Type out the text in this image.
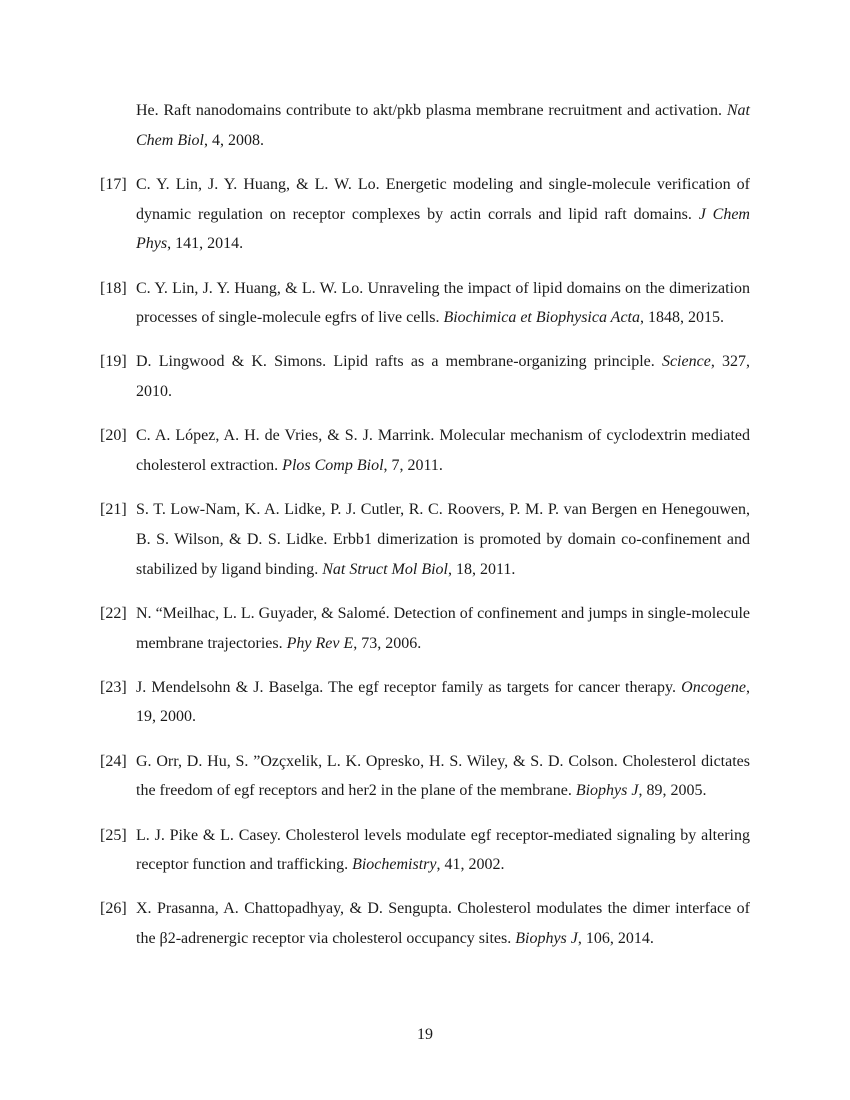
He. Raft nanodomains contribute to akt/pkb plasma membrane recruitment and activation. Nat Chem Biol, 4, 2008.
[17] C. Y. Lin, J. Y. Huang, & L. W. Lo. Energetic modeling and single-molecule verification of dynamic regulation on receptor complexes by actin corrals and lipid raft domains. J Chem Phys, 141, 2014.
[18] C. Y. Lin, J. Y. Huang, & L. W. Lo. Unraveling the impact of lipid domains on the dimerization processes of single-molecule egfrs of live cells. Biochimica et Biophysica Acta, 1848, 2015.
[19] D. Lingwood & K. Simons. Lipid rafts as a membrane-organizing principle. Science, 327, 2010.
[20] C. A. López, A. H. de Vries, & S. J. Marrink. Molecular mechanism of cyclodextrin mediated cholesterol extraction. Plos Comp Biol, 7, 2011.
[21] S. T. Low-Nam, K. A. Lidke, P. J. Cutler, R. C. Roovers, P. M. P. van Bergen en Henegouwen, B. S. Wilson, & D. S. Lidke. Erbb1 dimerization is promoted by domain co-confinement and stabilized by ligand binding. Nat Struct Mol Biol, 18, 2011.
[22] N. “Meilhac, L. L. Guyader, & Salomé. Detection of confinement and jumps in single-molecule membrane trajectories. Phy Rev E, 73, 2006.
[23] J. Mendelsohn & J. Baselga. The egf receptor family as targets for cancer therapy. Oncogene, 19, 2000.
[24] G. Orr, D. Hu, S. ”Ozçxelik, L. K. Opresko, H. S. Wiley, & S. D. Colson. Cholesterol dictates the freedom of egf receptors and her2 in the plane of the membrane. Biophys J, 89, 2005.
[25] L. J. Pike & L. Casey. Cholesterol levels modulate egf receptor-mediated signaling by altering receptor function and trafficking. Biochemistry, 41, 2002.
[26] X. Prasanna, A. Chattopadhyay, & D. Sengupta. Cholesterol modulates the dimer interface of the β2-adrenergic receptor via cholesterol occupancy sites. Biophys J, 106, 2014.
19
